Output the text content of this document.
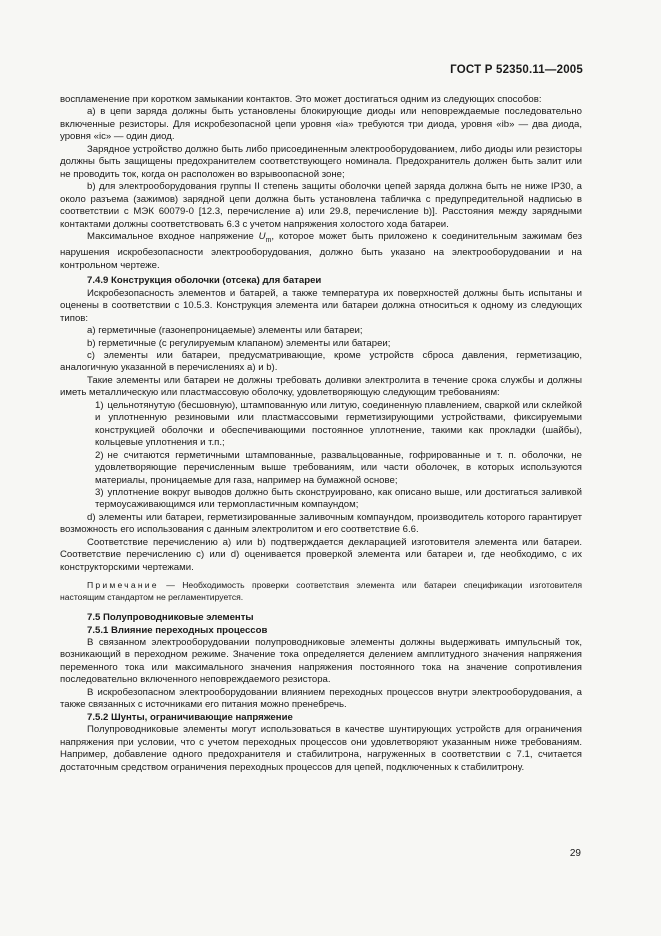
ГОСТ Р 52350.11—2005

воспламенение при коротком замыкании контактов. Это может достигаться одним из следующих способов:

а) в цепи заряда должны быть установлены блокирующие диоды или неповреждаемые последовательно включенные резисторы. Для искробезопасной цепи уровня «ia» требуются три диода, уровня «ib» — два диода, уровня «ic» — один диод.

Зарядное устройство должно быть либо присоединенным электрооборудованием, либо диоды или резисторы должны быть защищены предохранителем соответствующего номинала. Предохранитель должен быть залит или не проводить ток, когда он расположен во взрывоопасной зоне;

b) для электрооборудования группы II степень защиты оболочки цепей заряда должна быть не ниже IP30, а около разъема (зажимов) зарядной цепи должна быть установлена табличка с предупредительной надписью в соответствии с МЭК 60079-0 [12.3, перечисление а) или 29.8, перечисление b)]. Расстояния между зарядными контактами должны соответствовать 6.3 с учетом напряжения холостого хода батареи.

Максимальное входное напряжение $U_m$, которое может быть приложено к соединительным зажимам без нарушения искробезопасности электрооборудования, должно быть указано на электрооборудовании и на контрольном чертеже.

7.4.9 Конструкция оболочки (отсека) для батареи

Искробезопасность элементов и батарей, а также температура их поверхностей должны быть испытаны и оценены в соответствии с 10.5.3. Конструкция элемента или батареи должна относиться к одному из следующих типов:

а) герметичные (газонепроницаемые) элементы или батареи;

b) герметичные (с регулируемым клапаном) элементы или батареи;

с) элементы или батареи, предусматривающие, кроме устройств сброса давления, герметизацию, аналогичную указанной в перечислениях а) и b).

Такие элементы или батареи не должны требовать доливки электролита в течение срока службы и должны иметь металлическую или пластмассовую оболочку, удовлетворяющую следующим требованиям:

1) цельнотянутую (бесшовную), штампованную или литую, соединенную плавлением, сваркой или склейкой и уплотненную резиновыми или пластмассовыми герметизирующими устройствами, фиксируемыми конструкцией оболочки и обеспечивающими постоянное уплотнение, такими как прокладки (шайбы), кольцевые уплотнения и т.п.;

2) не считаются герметичными штампованные, развальцованные, гофрированные и т. п. оболочки, не удовлетворяющие перечисленным выше требованиям, или части оболочек, в которых используются материалы, проницаемые для газа, например на бумажной основе;

3) уплотнение вокруг выводов должно быть сконструировано, как описано выше, или достигаться заливкой термоусаживающимся или термопластичным компаундом;

d) элементы или батареи, герметизированные заливочным компаундом, производитель которого гарантирует возможность его использования с данным электролитом и его соответствие 6.6.

Соответствие перечислению а) или b) подтверждается декларацией изготовителя элемента или батареи. Соответствие перечислению с) или d) оценивается проверкой элемента или батареи и, где необходимо, с их конструкторскими чертежами.

Примечание — Необходимость проверки соответствия элемента или батареи спецификации изготовителя настоящим стандартом не регламентируется.

7.5 Полупроводниковые элементы

7.5.1 Влияние переходных процессов

В связанном электрооборудовании полупроводниковые элементы должны выдерживать импульсный ток, возникающий в переходном режиме. Значение тока определяется делением амплитудного значения напряжения переменного тока или максимального значения напряжения постоянного тока на значение сопротивления последовательно включенного неповреждаемого резистора.

В искробезопасном электрооборудовании влиянием переходных процессов внутри электрооборудования, а также связанных с источниками его питания можно пренебречь.

7.5.2 Шунты, ограничивающие напряжение

Полупроводниковые элементы могут использоваться в качестве шунтирующих устройств для ограничения напряжения при условии, что с учетом переходных процессов они удовлетворяют указанным ниже требованиям. Например, добавление одного предохранителя и стабилитрона, нагруженных в соответствии с 7.1, считается достаточным средством ограничения переходных процессов для цепей, подключенных к стабилитрону.

29
